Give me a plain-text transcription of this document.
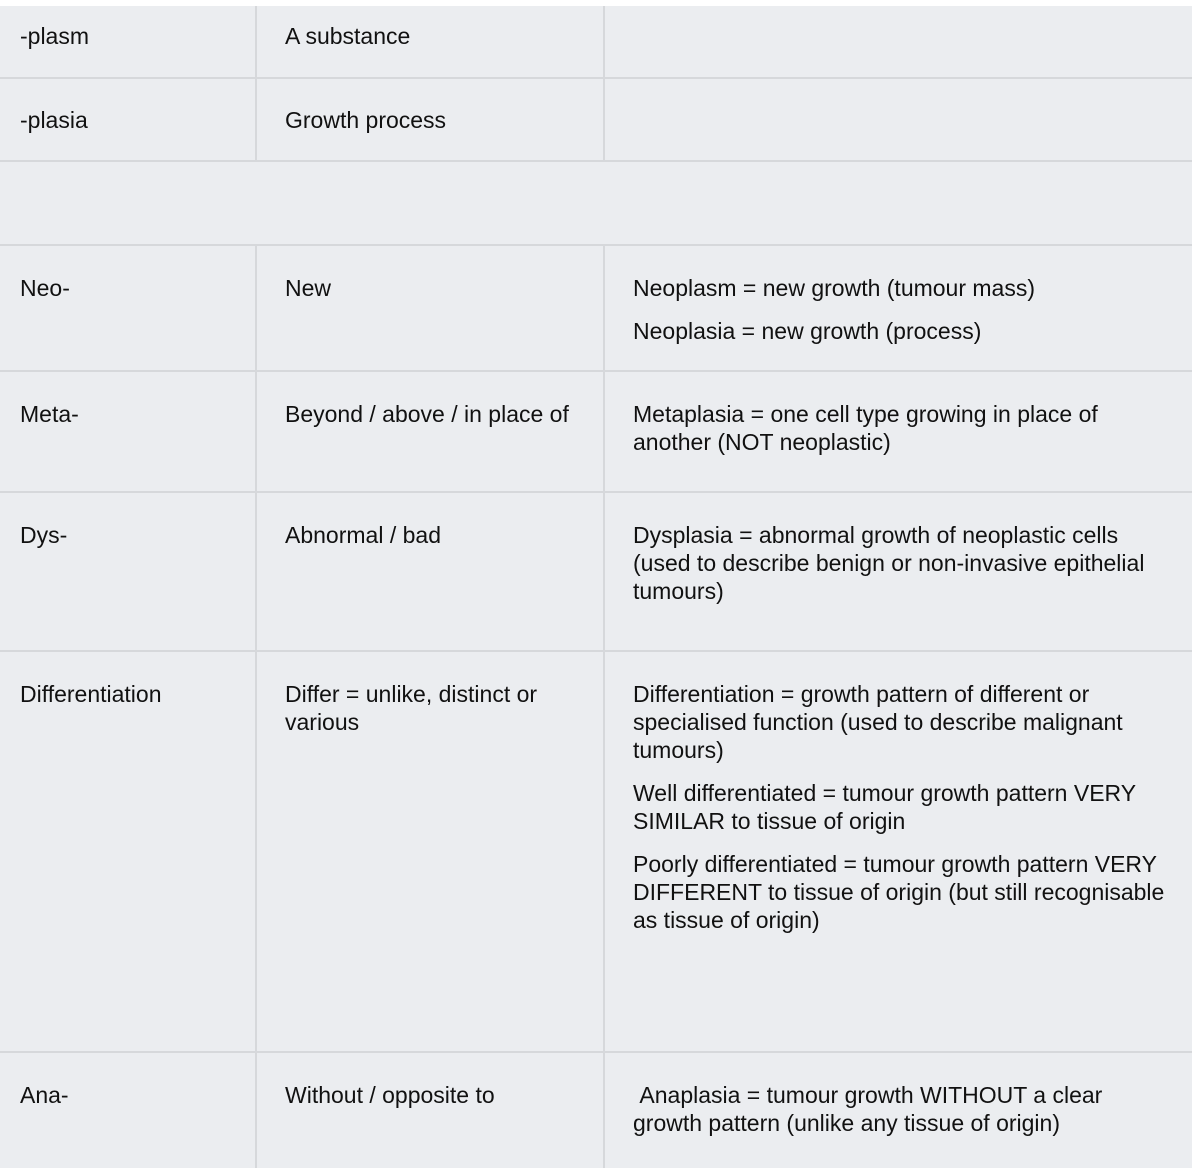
-plasm	A substance	

-plasia	Growth process	

Neo-	New	Neoplasm = new growth (tumour mass)

Neoplasia = new growth (process)

Meta-	Beyond / above / in place of	Metaplasia = one cell type growing in place of another (NOT neoplastic)

Dys-	Abnormal / bad	Dysplasia = abnormal growth of neoplastic cells (used to describe benign or non-invasive epithelial tumours)

Differentiation	Differ = unlike, distinct or various	Differentiation = growth pattern of different or specialised function (used to describe malignant tumours)

Well differentiated = tumour growth pattern VERY SIMILAR to tissue of origin

Poorly differentiated = tumour growth pattern VERY DIFFERENT to tissue of origin (but still recognisable as tissue of origin)

Ana-	Without / opposite to	Anaplasia = tumour growth WITHOUT a clear growth pattern (unlike any tissue of origin)
